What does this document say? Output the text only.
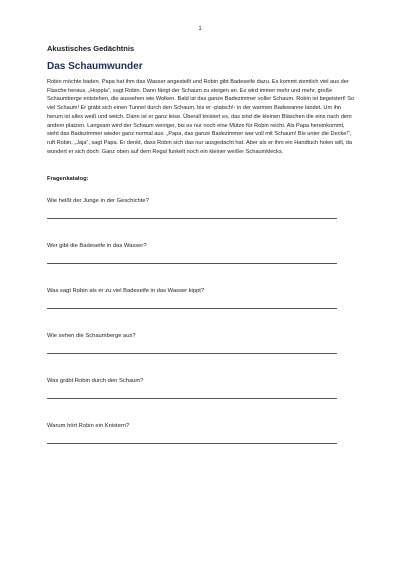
1

Akustisches Gedächtnis

Das Schaumwunder

Robin möchte baden. Papa hat ihm das Wasser angestellt und Robin gibt Badeseife dazu. Es kommt ziemlich viel aus der Flasche heraus. „Hoppla“, sagt Robin. Dann fängt der Schaum zu steigen an. Es wird immer mehr und mehr, große Schaumberge entstehen, die aussehen wie Wolken. Bald ist das ganze Badezimmer voller Schaum. Robin ist begeistert! So viel Schaum! Er gräbt sich einen Tunnel durch den Schaum, bis er -platsch!- in der warmen Badewanne landet. Um ihn herum ist alles weiß und weich. Dann ist er ganz leise. Überall knistert es, das sind die kleinen Bläschen die eins nach dem andern platzen. Langsam wird der Schaum weniger, bis es nur noch eine Mütze für Robin reicht. Als Papa hereinkommt, sieht das Badezimmer wieder ganz normal aus. „Papa, das ganze Badezimmer war voll mit Schaum! Bis unter die Decke!“, ruft Robin. „Jaja“, sagt Papa. Er denkt, dass Robin sich das nur ausgedacht hat. Aber als er ihm ein Handtuch holen will, da wundert er sich doch: Ganz oben auf dem Regal funkelt noch ein kleiner weißer Schaumklecks.

Fragenkatalog:

Wie heißt der Junge in der Geschichte?

Wer gibt die Badeseife in das Wasser?

Was sagt Robin als er zu viel Badeseife in das Wasser kippt?

Wie sehen die Schaumberge aus?

Was gräbt Robin durch den Schaum?

Warum hört Robin ein Knistern?
